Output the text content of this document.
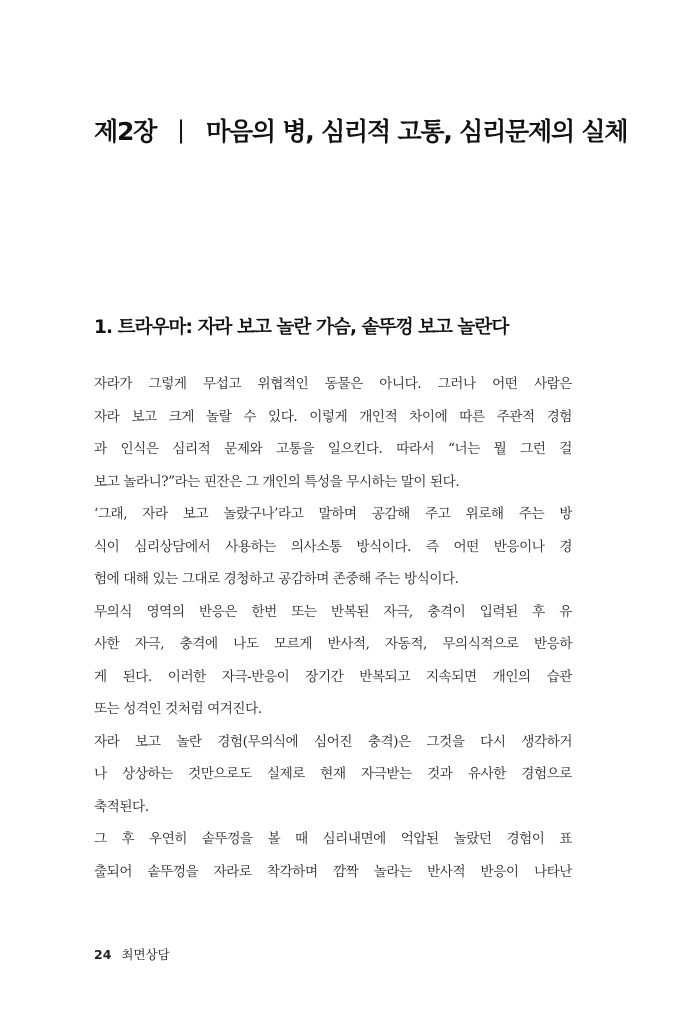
제2장 | 마음의 병, 심리적 고통, 심리문제의 실체
1. 트라우마: 자라 보고 놀란 가슴, 솥뚜껑 보고 놀란다
자라가 그렇게 무섭고 위협적인 동물은 아니다. 그러나 어떤 사람은
자라 보고 크게 놀랄 수 있다. 이렇게 개인적 차이에 따른 주관적 경험
과 인식은 심리적 문제와 고통을 일으킨다. 따라서 “너는 뭘 그런 걸
보고 놀라니?”라는 핀잔은 그 개인의 특성을 무시하는 말이 된다.
‘그래, 자라 보고 놀랐구나’라고 말하며 공감해 주고 위로해 주는 방
식이 심리상담에서 사용하는 의사소통 방식이다. 즉 어떤 반응이나 경
험에 대해 있는 그대로 경청하고 공감하며 존중해 주는 방식이다.
무의식 영역의 반응은 한번 또는 반복된 자극, 충격이 입력된 후 유
사한 자극, 충격에 나도 모르게 반사적, 자동적, 무의식적으로 반응하
게 된다. 이러한 자극-반응이 장기간 반복되고 지속되면 개인의 습관
또는 성격인 것처럼 여겨진다.
자라 보고 놀란 경험(무의식에 심어진 충격)은 그것을 다시 생각하거
나 상상하는 것만으로도 실제로 현재 자극받는 것과 유사한 경험으로
축적된다.
그 후 우연히 솥뚜껑을 볼 때 심리내면에 억압된 놀랐던 경험이 표
출되어 솥뚜껑을 자라로 착각하며 깜짝 놀라는 반사적 반응이 나타난
24 최면상담
